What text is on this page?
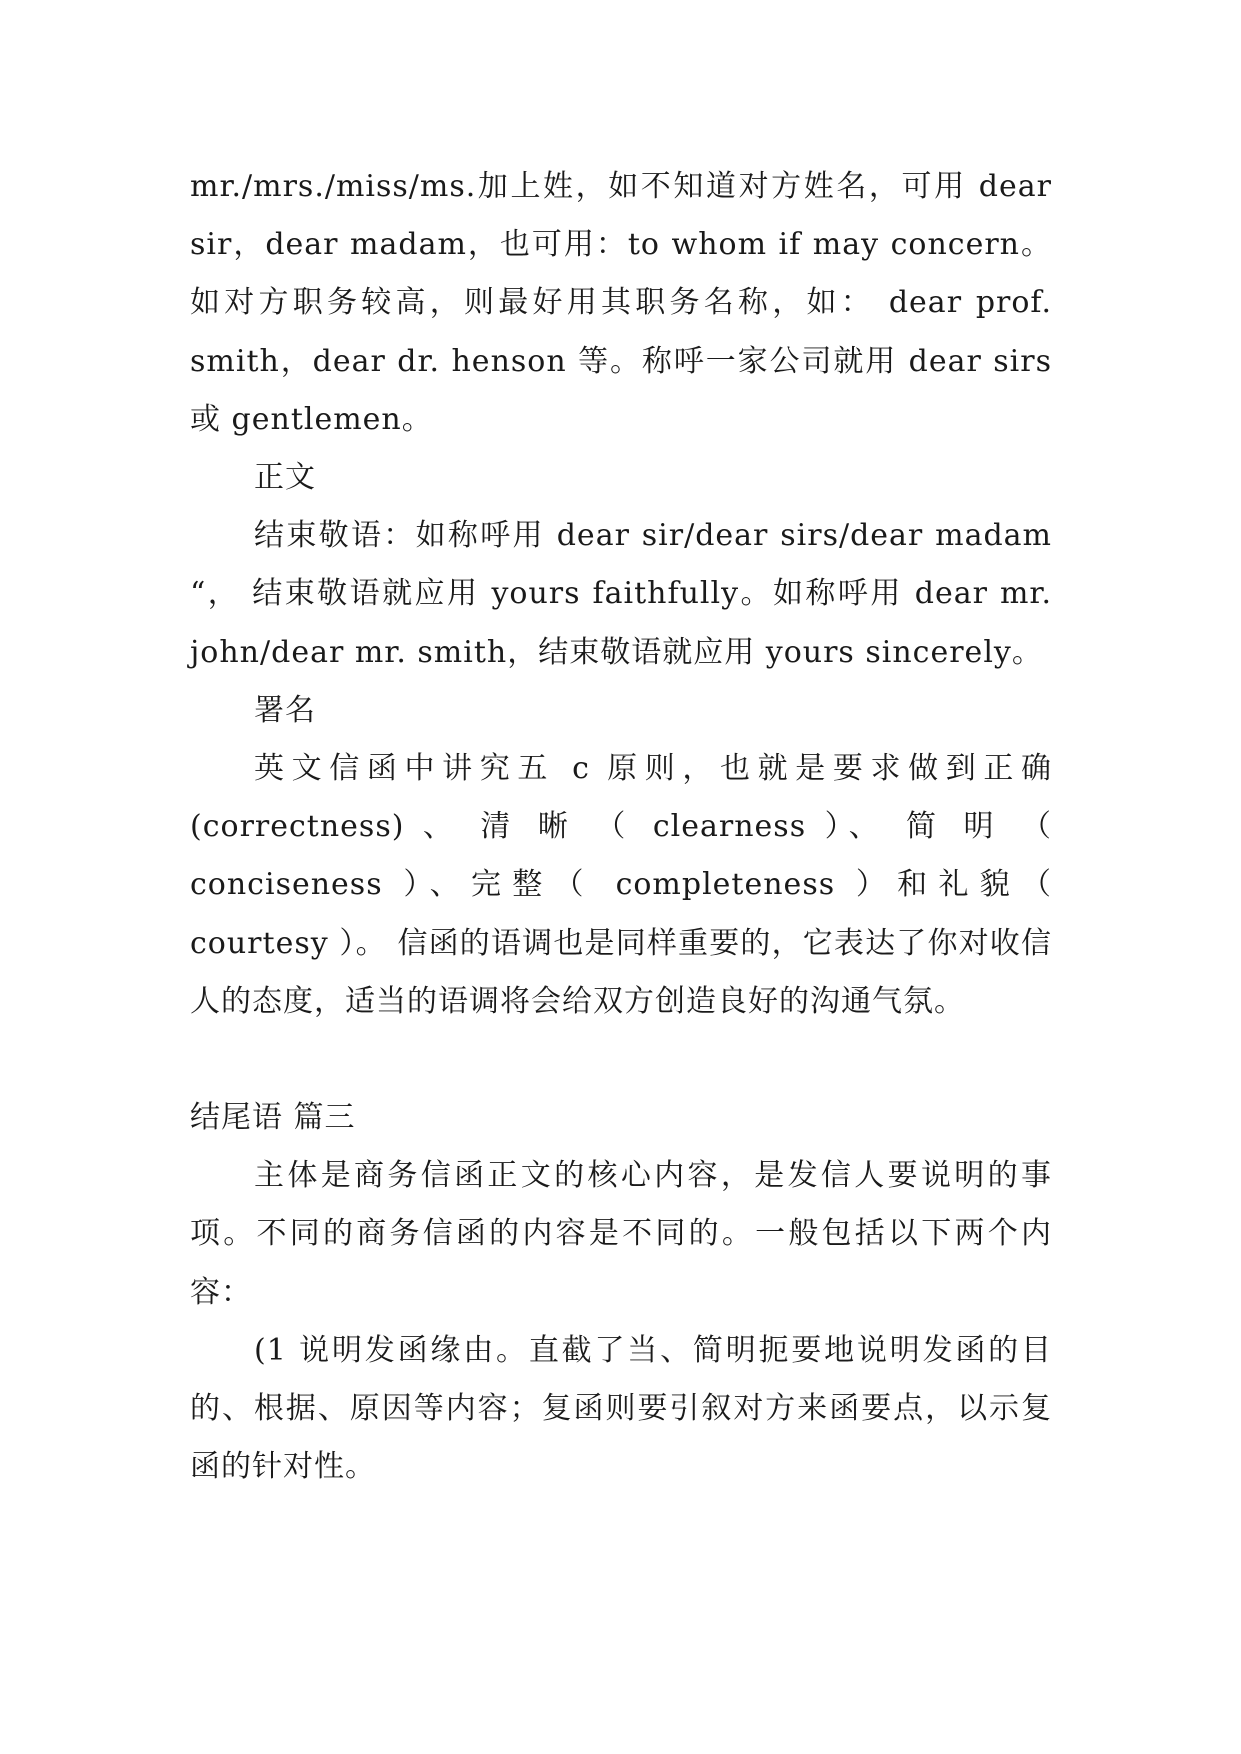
mr./mrs./miss/ms.加上姓，如不知道对方姓名，可用 dear sir，dear madam，也可用：to whom if may concern。如对方职务较高，则最好用其职务名称，如： dear prof. smith，dear dr. henson 等。称呼一家公司就用 dear sirs 或 gentlemen。

正文

结束敬语：如称呼用 dear sir/dear sirs/dear madam “， 结束敬语就应用 yours faithfully。如称呼用 dear mr. john/dear mr. smith，结束敬语就应用 yours sincerely。

署名

英文信函中讲究五 c 原则，也就是要求做到正确(correctness) 、 清 晰 （ clearness ）、 简 明 （ conciseness ）、完整（ completeness ）和礼貌（ courtesy ）。 信函的语调也是同样重要的，它表达了你对收信人的态度，适当的语调将会给双方创造良好的沟通气氛。

结尾语 篇三

主体是商务信函正文的核心内容，是发信人要说明的事项。不同的商务信函的内容是不同的。一般包括以下两个内容：

(1 说明发函缘由。直截了当、简明扼要地说明发函的目的、根据、原因等内容；复函则要引叙对方来函要点，以示复函的针对性。
